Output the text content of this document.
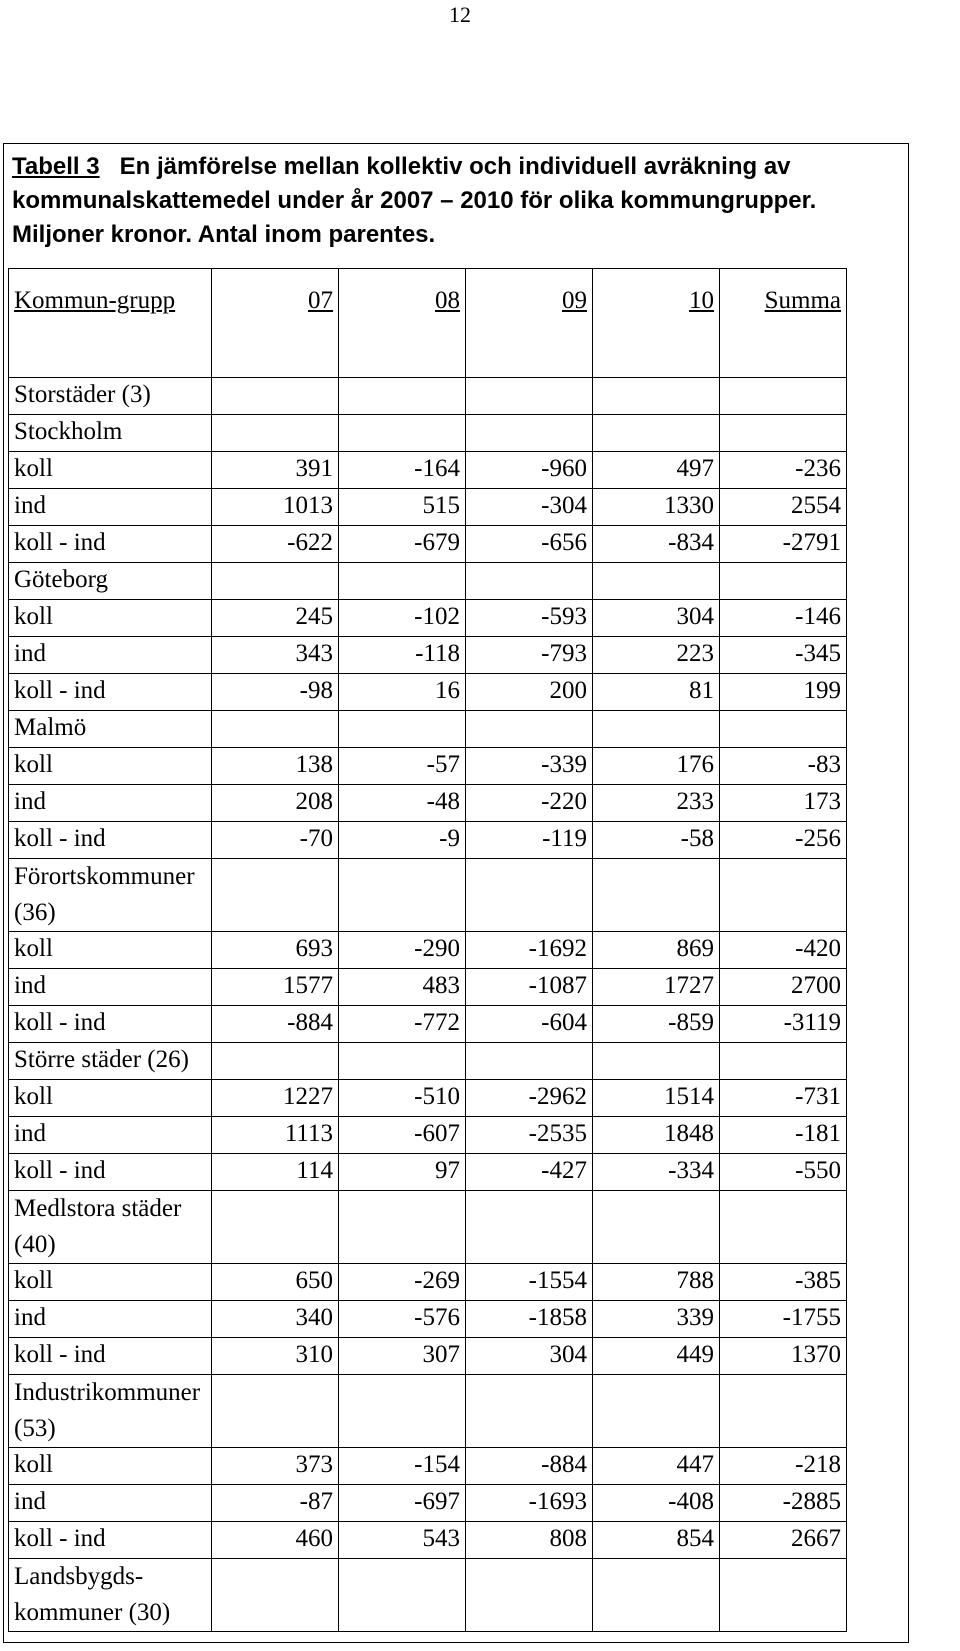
12
Tabell 3 En jämförelse mellan kollektiv och individuell avräkning av kommunalskattemedel under år 2007 – 2010 för olika kommungrupper. Miljoner kronor. Antal inom parentes.
Kommun-grupp	07	08	09	10	Summa
Storstäder (3)					
Stockholm					
koll	391	-164	-960	497	-236
ind	1013	515	-304	1330	2554
koll - ind	-622	-679	-656	-834	-2791
Göteborg					
koll	245	-102	-593	304	-146
ind	343	-118	-793	223	-345
koll - ind	-98	16	200	81	199
Malmö					
koll	138	-57	-339	176	-83
ind	208	-48	-220	233	173
koll - ind	-70	-9	-119	-58	-256
Förortskommuner (36)					
koll	693	-290	-1692	869	-420
ind	1577	483	-1087	1727	2700
koll - ind	-884	-772	-604	-859	-3119
Större städer (26)					
koll	1227	-510	-2962	1514	-731
ind	1113	-607	-2535	1848	-181
koll - ind	114	97	-427	-334	-550
Medlstora städer (40)					
koll	650	-269	-1554	788	-385
ind	340	-576	-1858	339	-1755
koll - ind	310	307	304	449	1370
Industrikommuner (53)					
koll	373	-154	-884	447	-218
ind	-87	-697	-1693	-408	-2885
koll - ind	460	543	808	854	2667
Landsbygds-kommuner (30)					
